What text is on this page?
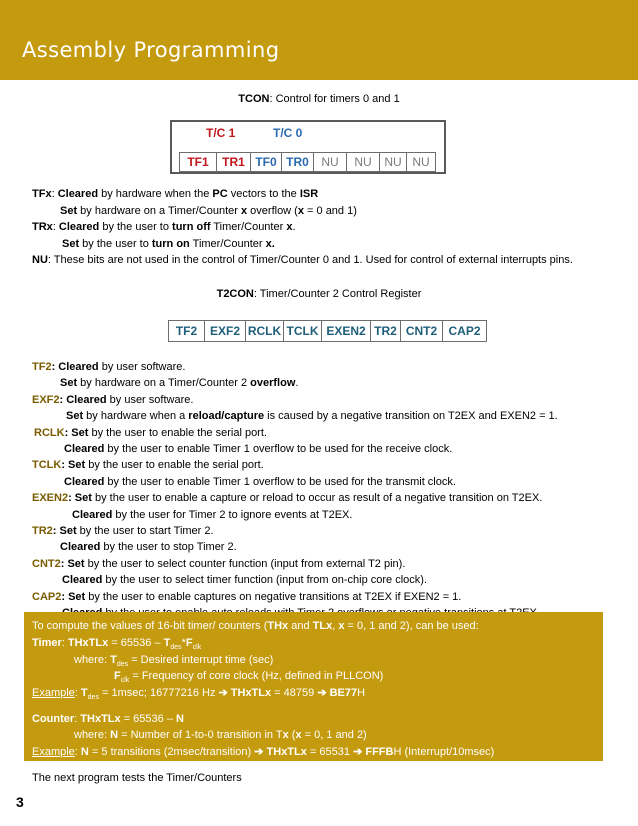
Assembly Programming
TCON: Control for timers 0 and 1
T/C 1	T/C 0
TF1	TR1 TF0 TR0	NU	NU	NU NU
TFx: Cleared by hardware when the PC vectors to the ISR
Set by hardware on a Timer/Counter x overflow (x = 0 and 1)
TRx: Cleared by the user to turn off Timer/Counter x.
Set by the user to turn on Timer/Counter x.
NU: These bits are not used in the control of Timer/Counter 0 and 1. Used for control of external interrupts pins.
T2CON: Timer/Counter 2 Control Register
TF2	EXF2 RCLK TCLK EXEN2 TR2 CNT2 CAP2
TF2: Cleared by user software.
Set by hardware on a Timer/Counter 2 overflow.
EXF2: Cleared by user software.
Set by hardware when a reload/capture is caused by a negative transition on T2EX and EXEN2 = 1.
RCLK: Set by the user to enable the serial port.
Cleared by the user to enable Timer 1 overflow to be used for the receive clock.
TCLK: Set by the user to enable the serial port.
Cleared by the user to enable Timer 1 overflow to be used for the transmit clock.
EXEN2: Set by the user to enable a capture or reload to occur as result of a negative transition on T2EX.
Cleared by the user for Timer 2 to ignore events at T2EX.
TR2: Set by the user to start Timer 2.
Cleared by the user to stop Timer 2.
CNT2: Set by the user to select counter function (input from external T2 pin).
Cleared by the user to select timer function (input from on-chip core clock).
CAP2: Set by the user to enable captures on negative transitions at T2EX if EXEN2 = 1.
To compute the values of 16-bit timer/ counters (THx and TLx, x = 0, 1 and 2), can be used:
Timer: THxTLx = $65536 - T_{des}*F_{clk}$
where: $T_{des}$ = Desired interrupt time (sec)
$F_{clk}$ = Frequency of core clock (Hz, defined in PLLCON)
Example: $T_{des} = 1msec$; 16777216 Hz ➔ THxTLx = 48759 ➔ BE77H
Counter: THxTLx = 65536 – N
where: N = Number of 1-to-0 transition in Tx (x = 0, 1 and 2)
Example: N = 5 transitions (2msec/transition) ➔ THxTLx = 65531 ➔ FFFBH (Interrupt/10msec)
The next program tests the Timer/Counters
3
